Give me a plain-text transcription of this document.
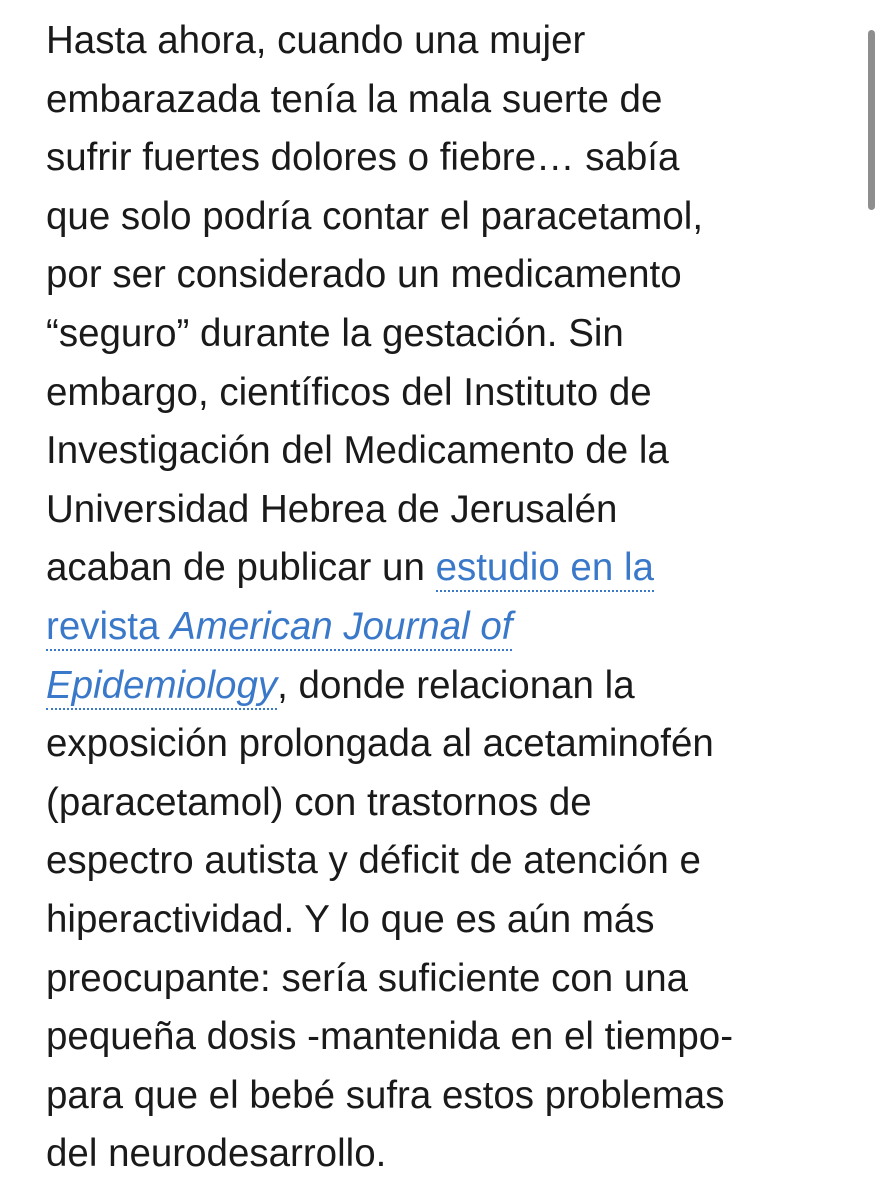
Hasta ahora, cuando una mujer
embarazada tenía la mala suerte de
sufrir fuertes dolores o fiebre… sabía
que solo podría contar el paracetamol,
por ser considerado un medicamento
“seguro” durante la gestación. Sin
embargo, científicos del Instituto de
Investigación del Medicamento de la
Universidad Hebrea de Jerusalén
acaban de publicar un estudio en la
revista American Journal of
Epidemiology, donde relacionan la
exposición prolongada al acetaminofén
(paracetamol) con trastornos de
espectro autista y déficit de atención e
hiperactividad. Y lo que es aún más
preocupante: sería suficiente con una
pequeña dosis -mantenida en el tiempo-
para que el bebé sufra estos problemas
del neurodesarrollo.
